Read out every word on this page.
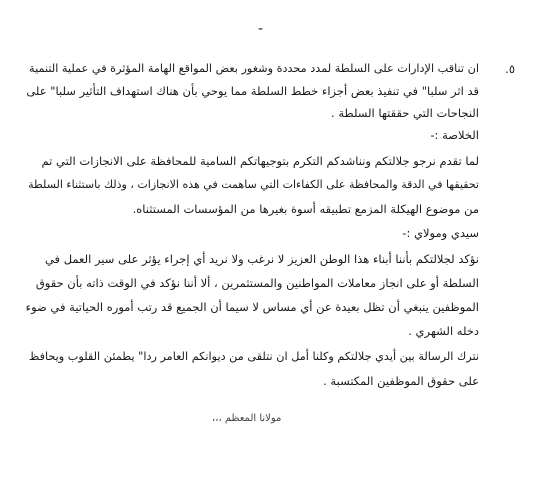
-
.٥
ان تناقب الإدارات على السلطة لمدد محددة وشغور بعض المواقع الهامة المؤثرة في عملية التنمية
قد اثر سلبا" في تنفيذ بعض أجزاء خطط السلطة مما يوحي بأن هناك استهداف التأثير سلبا" على
النجاحات التي حققتها السلطة .
الخلاصة :-
لما تقدم نرجو جلالتكم ونناشدكم التكرم بتوجيهاتكم السامية للمحافظة على الانجازات التي تم
تحقيقها في الدقة والمحافظة على الكفاءات التي ساهمت في هذه الانجازات ، وذلك باستثناء السلطة
من موضوع الهيكلة المزمع تطبيقه أسوة بغيرها من المؤسسات المستثناه.
سيدي ومولاي :-
نؤكد لجلالتكم بأننا أبناء هذا الوطن العزيز لا نرغب ولا نريد أي إجراء يؤثر على سير العمل في
السلطة أو على انجاز معاملات المواطنين والمستثمرين ، ألا أننا نؤكد في الوقت ذاته بأن حقوق
الموظفين ينبغي أن تظل بعيدة عن أي مساس لا سيما أن الجميع قد رتب أموره الحياتية في ضوء
دخله الشهري .
نترك الرسالة بين أيدي جلالتكم وكلنا أمل ان نتلقى من ديوانكم العامر ردا" يطمئن القلوب ويحافظ
على حقوق الموظفين المكتسبة .
مولانا المعظم ،،،
